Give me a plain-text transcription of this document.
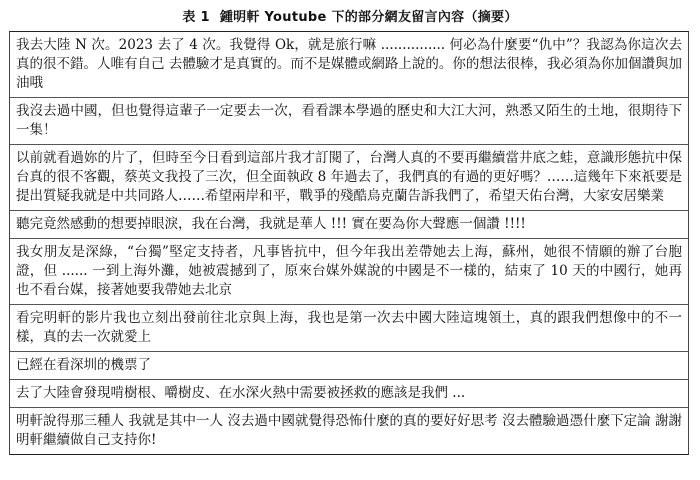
表 1 鍾明軒 Youtube 下的部分網友留言內容（摘要）
我去大陸 N 次。2023 去了 4 次。我覺得 Ok，就是旅行嘛 ............... 何必為什麼要“仇中”？我認為你這次去真的很不錯。人唯有自己 去體驗才是真實的。而不是媒體或網路上說的。你的想法很棒，我必須為你加個讚與加油哦
我沒去過中國，但也覺得這輩子一定要去一次，看看課本學過的歷史和大江大河，熟悉又陌生的土地，很期待下一集！
以前就看過妳的片了，但時至今日看到這部片我才訂閱了，台灣人真的不要再繼續當井底之蛙，意識形態抗中保台真的很不客觀，蔡英文我投了三次，但全面執政 8 年過去了，我們真的有過的更好嗎？……這幾年下來祇要是提出質疑我就是中共同路人……希望兩岸和平，戰爭的殘酷烏克蘭告訴我們了，希望天佑台灣，大家安居樂業
聽完竟然感動的想要掉眼淚，我在台灣，我就是華人 !!! 實在要為你大聲應一個讚 !!!!
我女朋友是深綠，“台獨”堅定支持者，凡事皆抗中，但今年我出差帶她去上海，蘇州，她很不情願的辦了台胞證，但 ...... 一到上海外灘，她被震撼到了，原來台媒外媒說的中國是不一樣的，結束了 10 天的中國行，她再也不看台媒，接著她要我帶她去北京
看完明軒的影片我也立刻出發前往北京與上海，我也是第一次去中國大陸這塊領土，真的跟我們想像中的不一樣，真的去一次就愛上
已經在看深圳的機票了
去了大陸會發現啃樹根、嚼樹皮、在水深火熱中需要被拯救的應該是我們 ...
明軒說得那三種人 我就是其中一人 沒去過中國就覺得恐怖什麼的真的要好好思考 沒去體驗過憑什麼下定論 謝謝明軒繼續做自己支持你!
